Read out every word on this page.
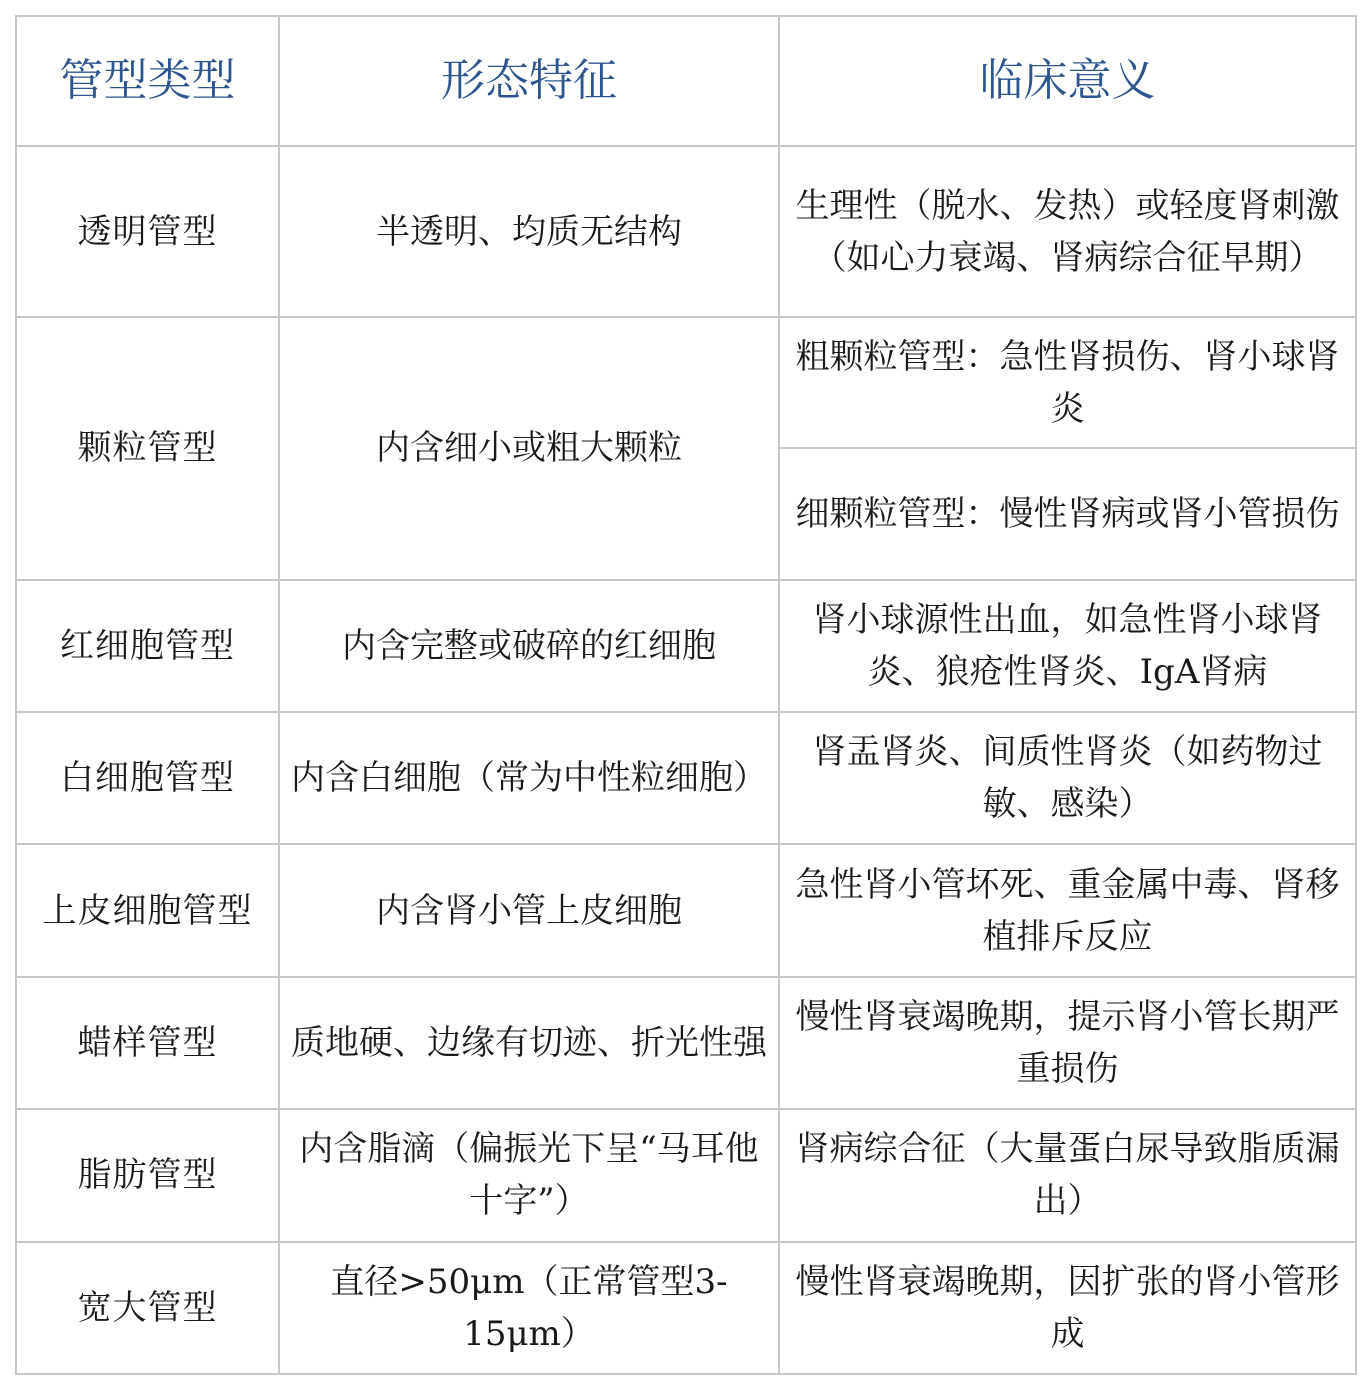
管型类型	形态特征	临床意义
透明管型	半透明、均质无结构	生理性（脱水、发热）或轻度肾刺激（如心力衰竭、肾病综合征早期）
颗粒管型	内含细小或粗大颗粒	粗颗粒管型：急性肾损伤、肾小球肾炎
		细颗粒管型：慢性肾病或肾小管损伤
红细胞管型	内含完整或破碎的红细胞	肾小球源性出血，如急性肾小球肾炎、狼疮性肾炎、IgA肾病
白细胞管型	内含白细胞（常为中性粒细胞）	肾盂肾炎、间质性肾炎（如药物过敏、感染）
上皮细胞管型	内含肾小管上皮细胞	急性肾小管坏死、重金属中毒、肾移植排斥反应
蜡样管型	质地硬、边缘有切迹、折光性强	慢性肾衰竭晚期，提示肾小管长期严重损伤
脂肪管型	内含脂滴（偏振光下呈“马耳他十字”）	肾病综合征（大量蛋白尿导致脂质漏出）
宽大管型	直径>50μm（正常管型3-15μm）	慢性肾衰竭晚期，因扩张的肾小管形成
